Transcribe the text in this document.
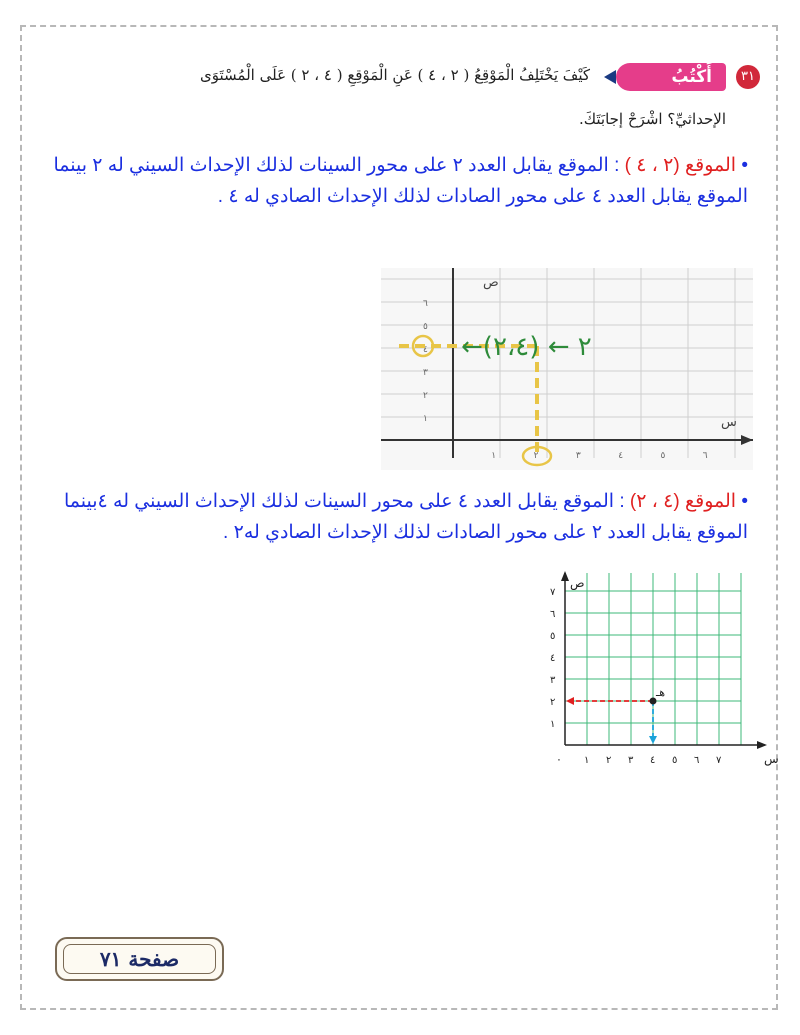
٣١
أَكْتُبُ
كَيْفَ يَخْتَلِفُ الْمَوْقِعُ ( ٢ ، ٤ ) عَنِ الْمَوْقِعِ ( ٤ ، ٢ ) عَلَى الْمُسْتَوَى
الإحداثيِّ؟ اشْرَحْ إجابَتَكَ.
• الموقع (٢ ، ٤ ) : الموقع يقابل العدد ٢ على محور السينات لذلك الإحداث السيني له ٢ بينما الموقع يقابل العدد ٤ على محور الصادات لذلك الإحداث الصادي له ٤ .
ص
س
٦
٥
٤
٣
٢
١
١	٢	٣	٤	٥	٦
←٢ ← (٢،٤)
• الموقع (٤ ، ٢) : الموقع يقابل العدد ٤ على محور السينات لذلك الإحداث السيني له ٤بينما الموقع يقابل العدد ٢ على محور الصادات لذلك الإحداث الصادي له٢ .
ص
س
٠
٧
٦
٥
٤
٣
٢
١
١ ٢ ٣ ٤ ٥ ٦ ٧
هـ
صفحة ٧١
